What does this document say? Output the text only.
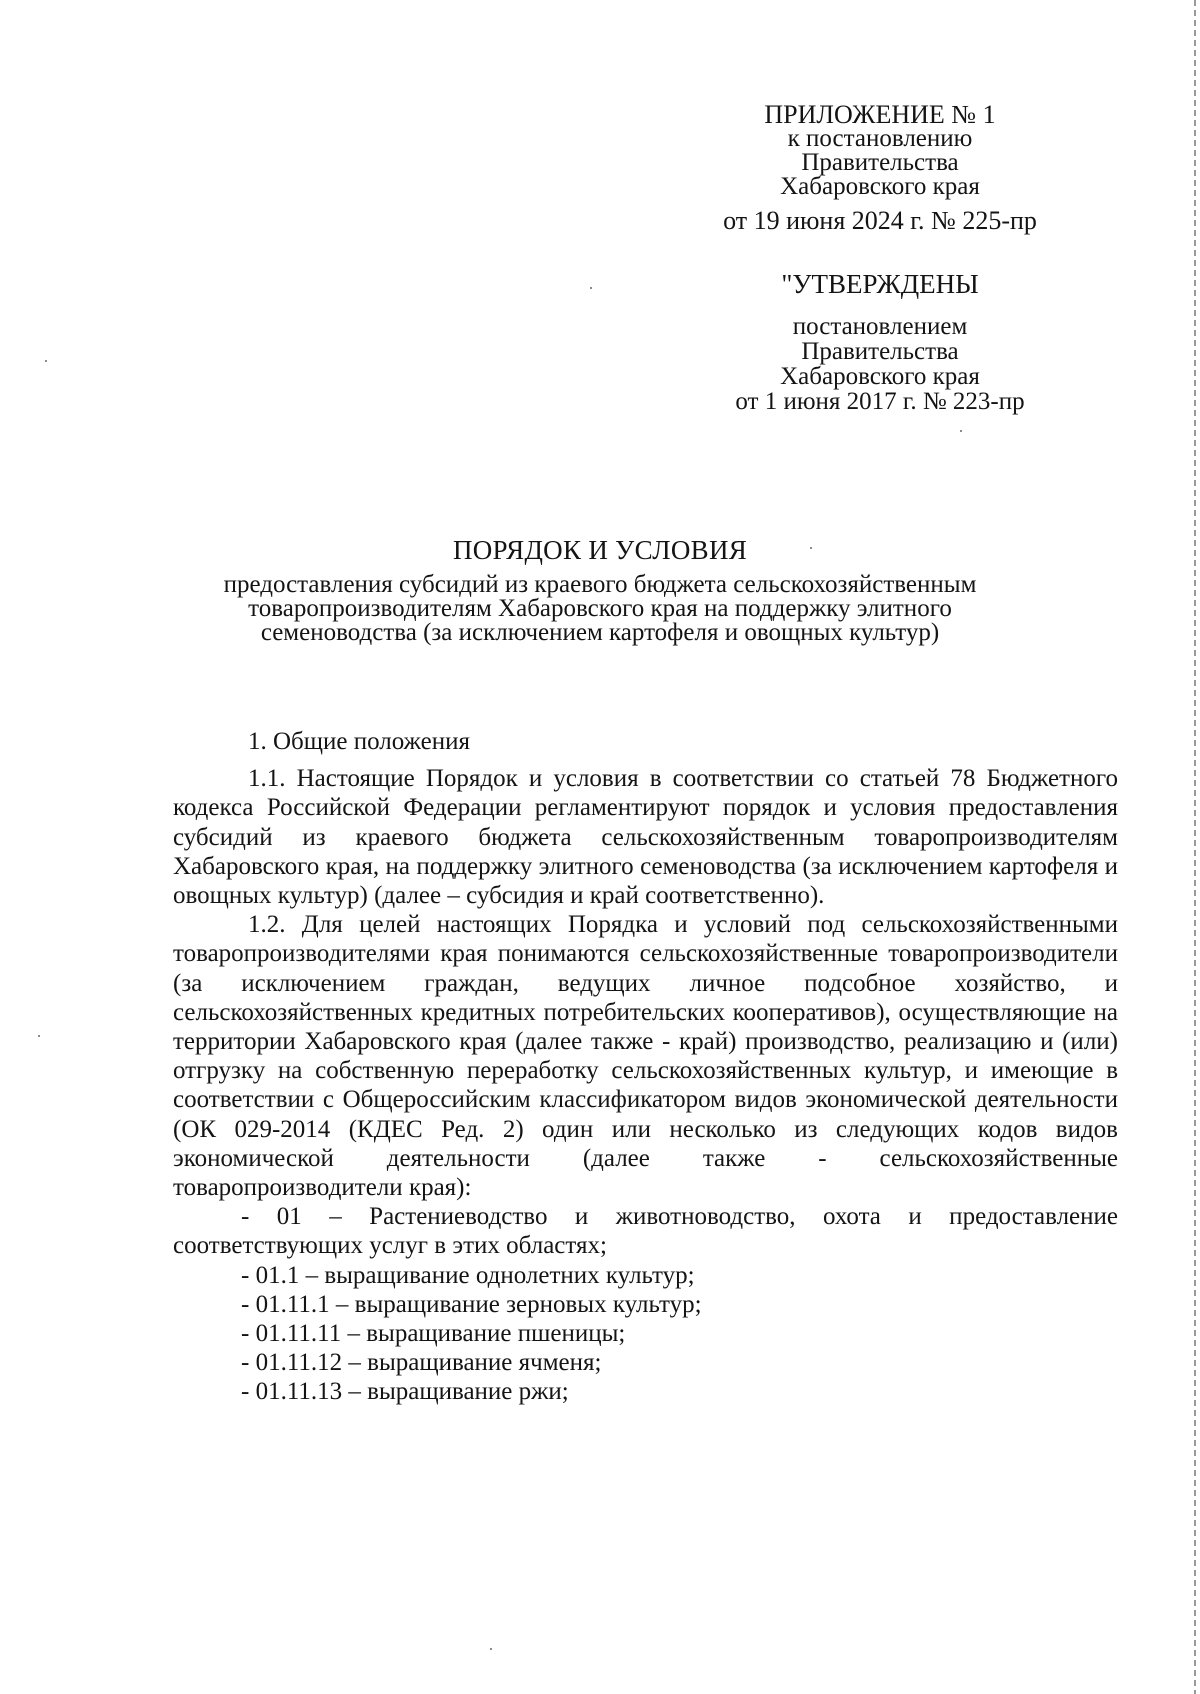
ПРИЛОЖЕНИЕ № 1
к постановлению
Правительства
Хабаровского края
от 19 июня 2024 г. № 225-пр
"УТВЕРЖДЕНЫ
постановлением
Правительства
Хабаровского края
от 1 июня 2017 г. № 223-пр
ПОРЯДОК И УСЛОВИЯ
предоставления субсидий из краевого бюджета сельскохозяйственным товаропроизводителям Хабаровского края на поддержку элитного семеноводства (за исключением картофеля и овощных культур)

1. Общие положения

1.1. Настоящие Порядок и условия в соответствии со статьей 78 Бюджетного кодекса Российской Федерации регламентируют порядок и условия предоставления субсидий из краевого бюджета сельскохозяйственным товаропроизводителям Хабаровского края, на поддержку элитного семеноводства (за исключением картофеля и овощных культур) (далее – субсидия и край соответственно).

1.2. Для целей настоящих Порядка и условий под сельскохозяйственными товаропроизводителями края понимаются сельскохозяйственные товаропроизводители (за исключением граждан, ведущих личное подсобное хозяйство, и сельскохозяйственных кредитных потребительских кооперативов), осуществляющие на территории Хабаровского края (далее также - край) производство, реализацию и (или) отгрузку на собственную переработку сельскохозяйственных культур, и имеющие в соответствии с Общероссийским классификатором видов экономической деятельности (ОК 029-2014 (КДЕС Ред. 2) один или несколько из следующих кодов видов экономической деятельности (далее также - сельскохозяйственные товаропроизводители края):

- 01 – Растениеводство и животноводство, охота и предоставление соответствующих услуг в этих областях;

- 01.1 – выращивание однолетних культур;

- 01.11.1 – выращивание зерновых культур;

- 01.11.11 – выращивание пшеницы;

- 01.11.12 – выращивание ячменя;

- 01.11.13 – выращивание ржи;
